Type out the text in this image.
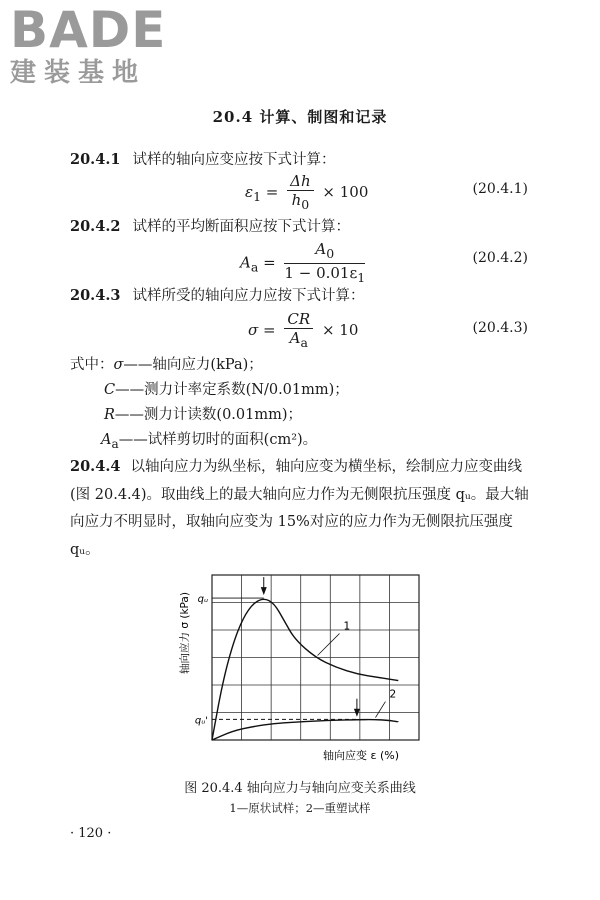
BADE
建装基地
20.4 计算、制图和记录
20.4.1 试样的轴向应变应按下式计算：
$\varepsilon_1 = \frac{\Delta h}{h_0} \times 100$	(20.4.1)
20.4.2 试样的平均断面积应按下式计算：
$A_a = \frac{A_0}{1 - 0.01\varepsilon_1}$	(20.4.2)
20.4.3 试样所受的轴向应力应按下式计算：
$\sigma = \frac{CR}{A_a} \times 10$	(20.4.3)
式中：σ——轴向应力(kPa)；
C——测力计率定系数(N/0.01mm)；
R——测力计读数(0.01mm)；
$A_a——$试样剪切时的面积(cm²)。
20.4.4 以轴向应力为纵坐标，轴向应变为横坐标，绘制应力应变曲线(图 20.4.4)。取曲线上的最大轴向应力作为无侧限抗压强度 qᵤ。最大轴向应力不明显时，取轴向应变为 15%对应的应力作为无侧限抗压强度 qᵤ。
1
2
qᵤ
qᵤ'
轴向应力 σ (kPa)
轴向应变 ε (%)
图 20.4.4 轴向应力与轴向应变关系曲线
1—原状试样；2—重塑试样
· 120 ·
